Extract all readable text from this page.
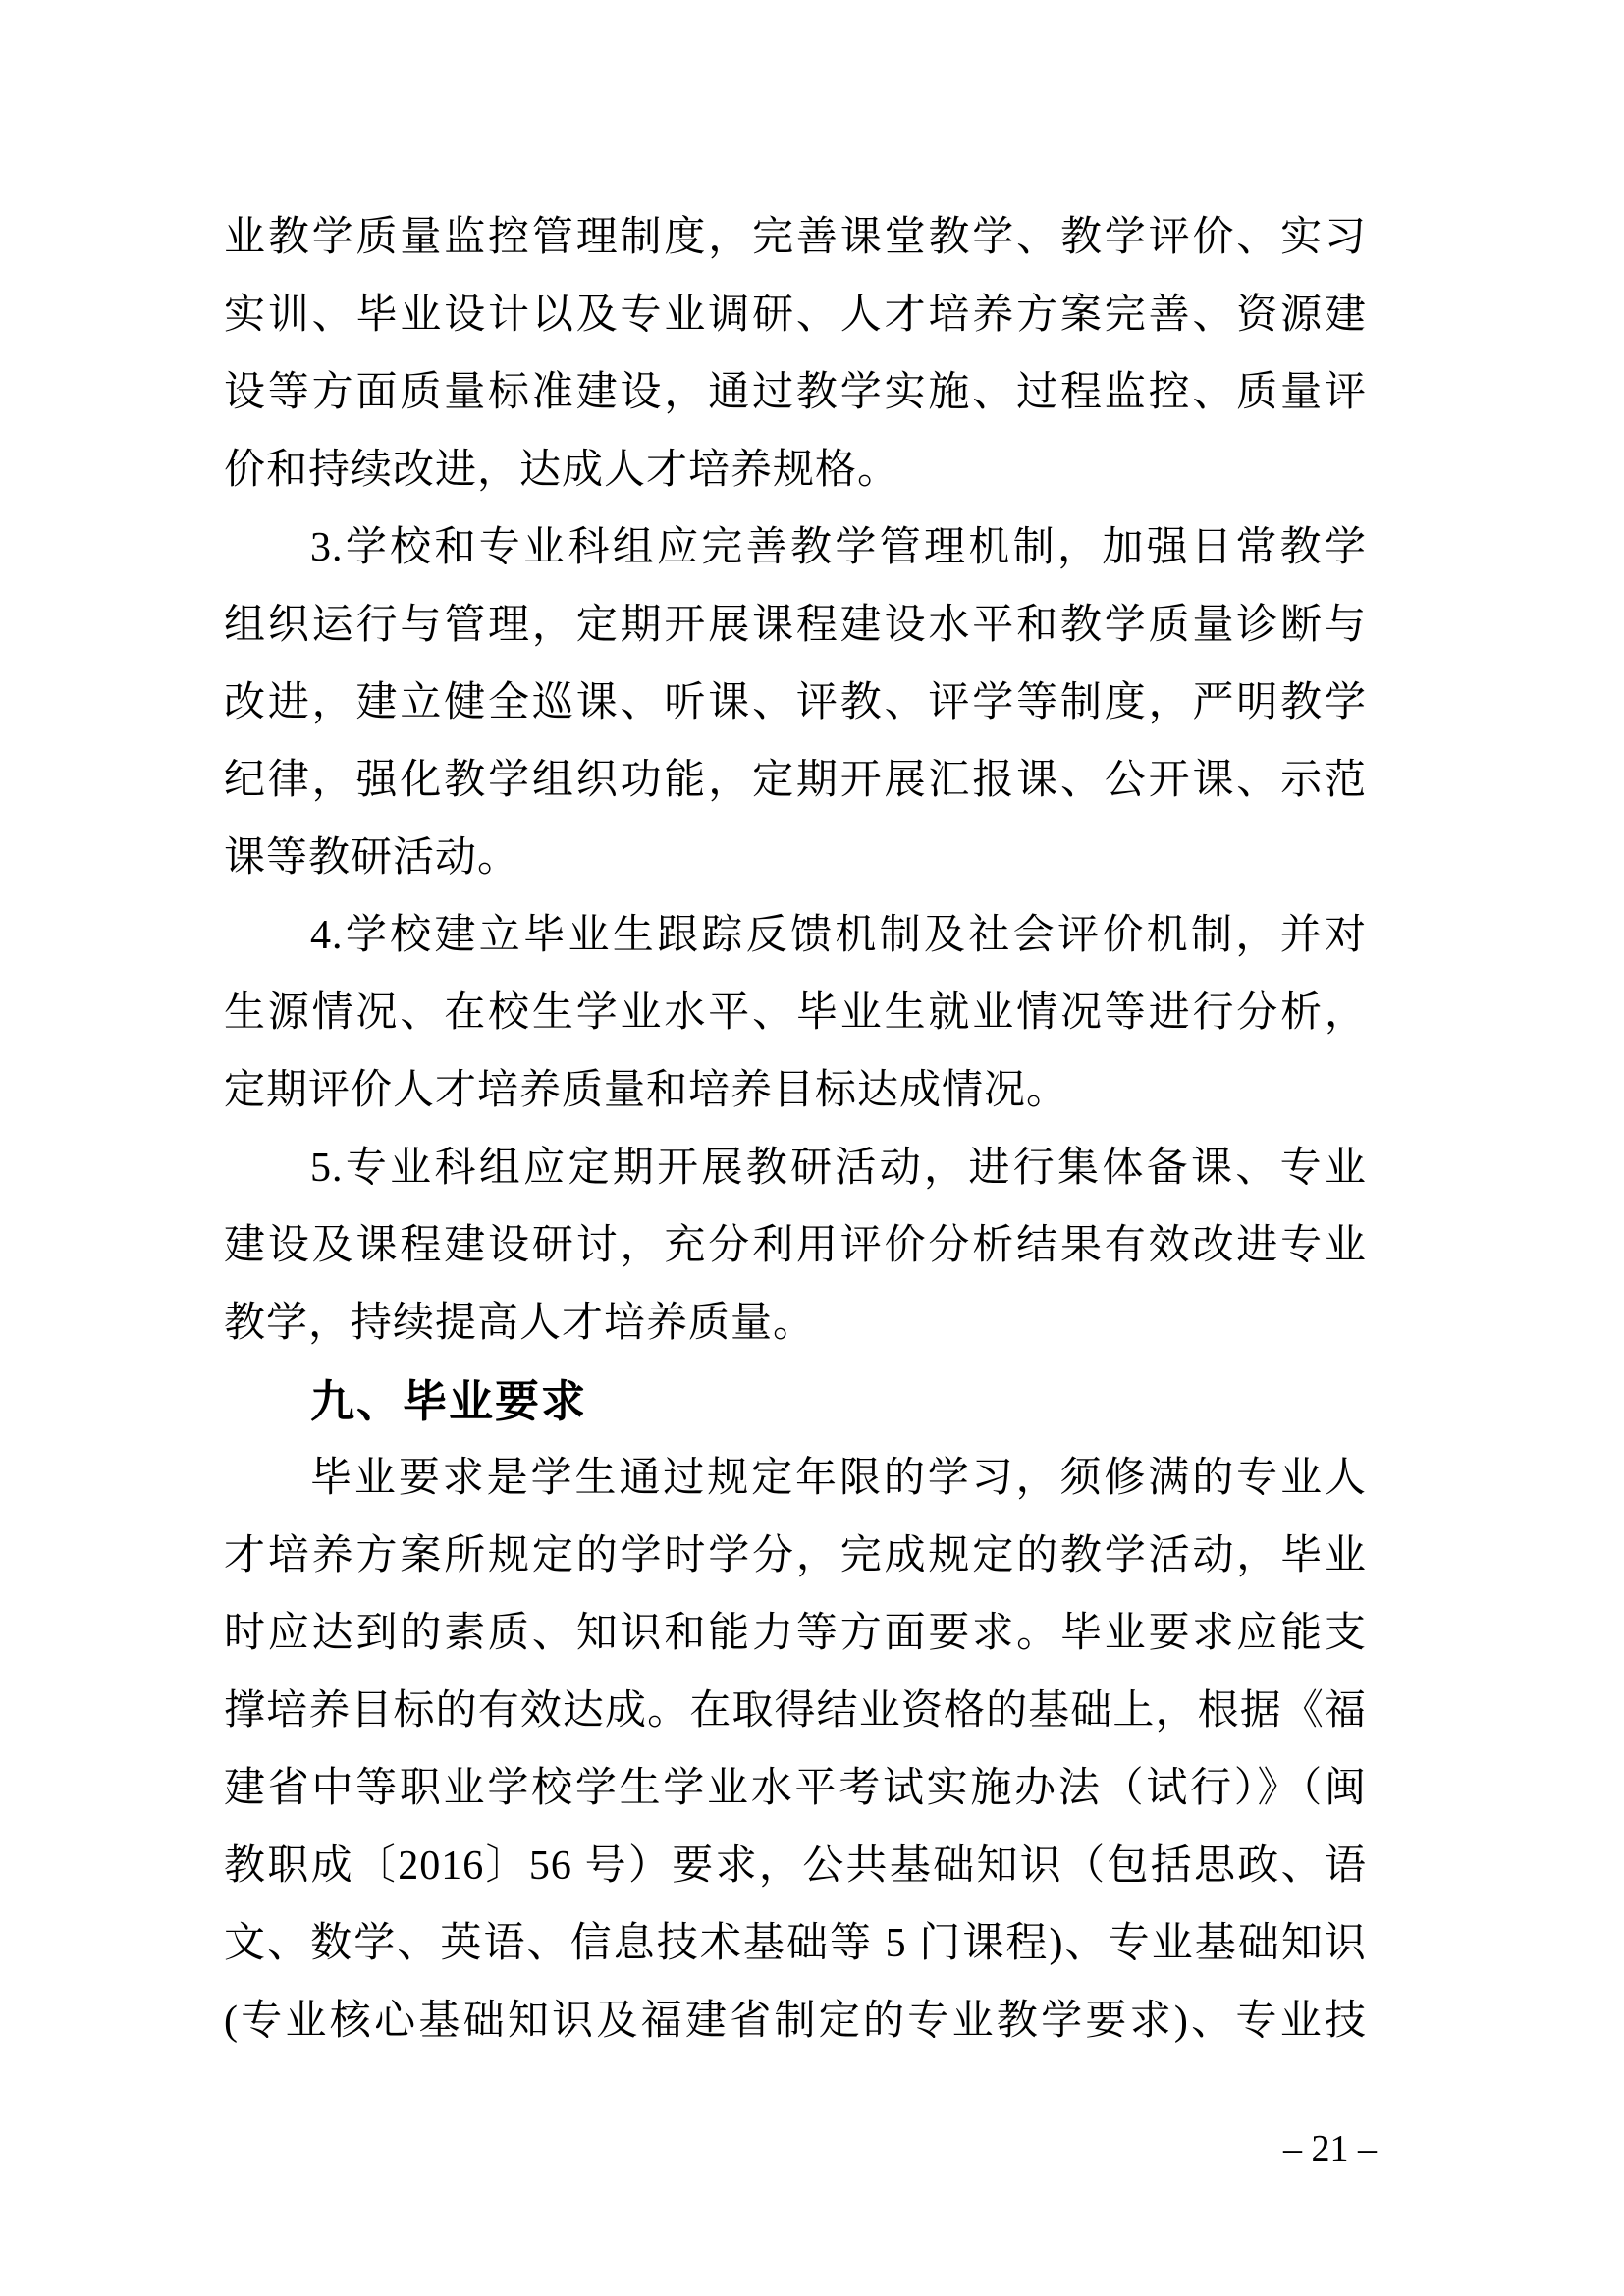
业教学质量监控管理制度，完善课堂教学、教学评价、实习
实训、毕业设计以及专业调研、人才培养方案完善、资源建
设等方面质量标准建设，通过教学实施、过程监控、质量评
价和持续改进，达成人才培养规格。
3.学校和专业科组应完善教学管理机制，加强日常教学
组织运行与管理，定期开展课程建设水平和教学质量诊断与
改进，建立健全巡课、听课、评教、评学等制度，严明教学
纪律，强化教学组织功能，定期开展汇报课、公开课、示范
课等教研活动。
4.学校建立毕业生跟踪反馈机制及社会评价机制，并对
生源情况、在校生学业水平、毕业生就业情况等进行分析，
定期评价人才培养质量和培养目标达成情况。
5.专业科组应定期开展教研活动，进行集体备课、专业
建设及课程建设研讨，充分利用评价分析结果有效改进专业
教学，持续提高人才培养质量。
九、毕业要求
毕业要求是学生通过规定年限的学习，须修满的专业人
才培养方案所规定的学时学分，完成规定的教学活动，毕业
时应达到的素质、知识和能力等方面要求。毕业要求应能支
撑培养目标的有效达成。在取得结业资格的基础上，根据《福
建省中等职业学校学生学业水平考试实施办法（试行）》（闽
教职成〔2016〕56 号）要求，公共基础知识（包括思政、语
文、数学、英语、信息技术基础等 5 门课程)、专业基础知识
(专业核心基础知识及福建省制定的专业教学要求)、专业技
– 21 –
